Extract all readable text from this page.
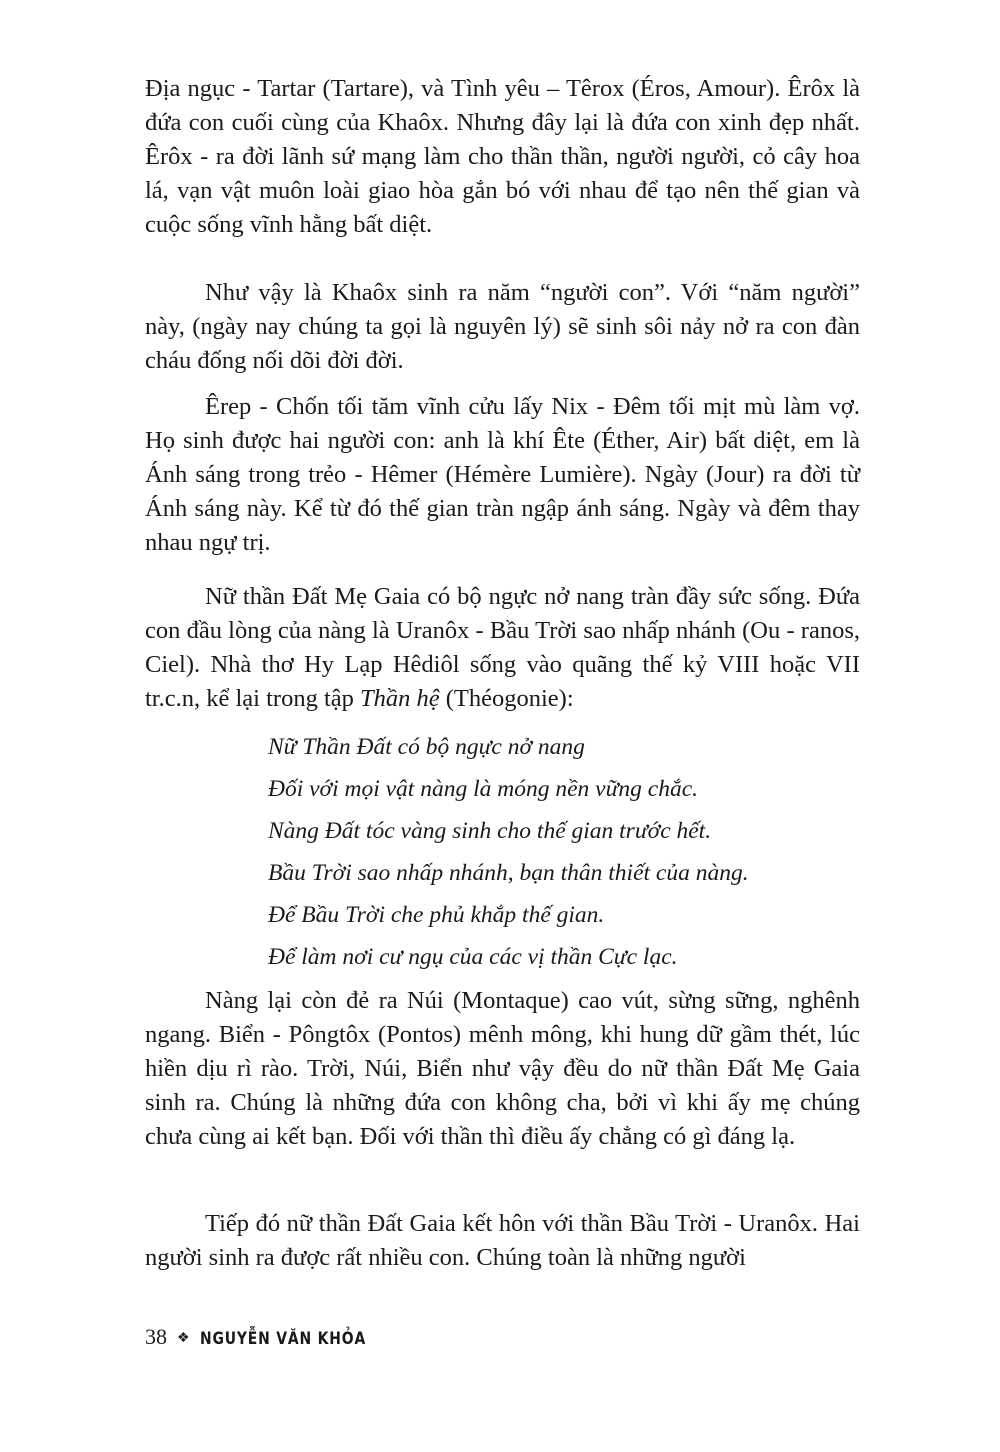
Địa ngục - Tartar (Tartare), và Tình yêu – Têrox (Éros, Amour). Êrôx là đứa con cuối cùng của Khaôx. Nhưng đây lại là đứa con xinh đẹp nhất. Êrôx - ra đời lãnh sứ mạng làm cho thần thần, người người, cỏ cây hoa lá, vạn vật muôn loài giao hòa gắn bó với nhau để tạo nên thế gian và cuộc sống vĩnh hằng bất diệt.

Như vậy là Khaôx sinh ra năm “người con”. Với “năm người” này, (ngày nay chúng ta gọi là nguyên lý) sẽ sinh sôi nảy nở ra con đàn cháu đống nối dõi đời đời.

Êrep - Chốn tối tăm vĩnh cửu lấy Nix - Đêm tối mịt mù làm vợ. Họ sinh được hai người con: anh là khí Ête (Éther, Air) bất diệt, em là Ánh sáng trong trẻo - Hêmer (Hémère Lumière). Ngày (Jour) ra đời từ Ánh sáng này. Kể từ đó thế gian tràn ngập ánh sáng. Ngày và đêm thay nhau ngự trị.

Nữ thần Đất Mẹ Gaia có bộ ngực nở nang tràn đầy sức sống. Đứa con đầu lòng của nàng là Uranôx - Bầu Trời sao nhấp nhánh (Ou - ranos, Ciel). Nhà thơ Hy Lạp Hêdiôl sống vào quãng thế kỷ VIII hoặc VII tr.c.n, kể lại trong tập Thần hệ (Théogonie):

Nữ Thần Đất có bộ ngực nở nang
Đối với mọi vật nàng là móng nền vững chắc.
Nàng Đất tóc vàng sinh cho thế gian trước hết.
Bầu Trời sao nhấp nhánh, bạn thân thiết của nàng.
Để Bầu Trời che phủ khắp thế gian.
Để làm nơi cư ngụ của các vị thần Cực lạc.

Nàng lại còn đẻ ra Núi (Montaque) cao vút, sừng sững, nghênh ngang. Biển - Pôngtôx (Pontos) mênh mông, khi hung dữ gầm thét, lúc hiền dịu rì rào. Trời, Núi, Biển như vậy đều do nữ thần Đất Mẹ Gaia sinh ra. Chúng là những đứa con không cha, bởi vì khi ấy mẹ chúng chưa cùng ai kết bạn. Đối với thần thì điều ấy chẳng có gì đáng lạ.

Tiếp đó nữ thần Đất Gaia kết hôn với thần Bầu Trời - Uranôx. Hai người sinh ra được rất nhiều con. Chúng toàn là những người

38 ❖ NGUYỄN VĂN KHỎA
